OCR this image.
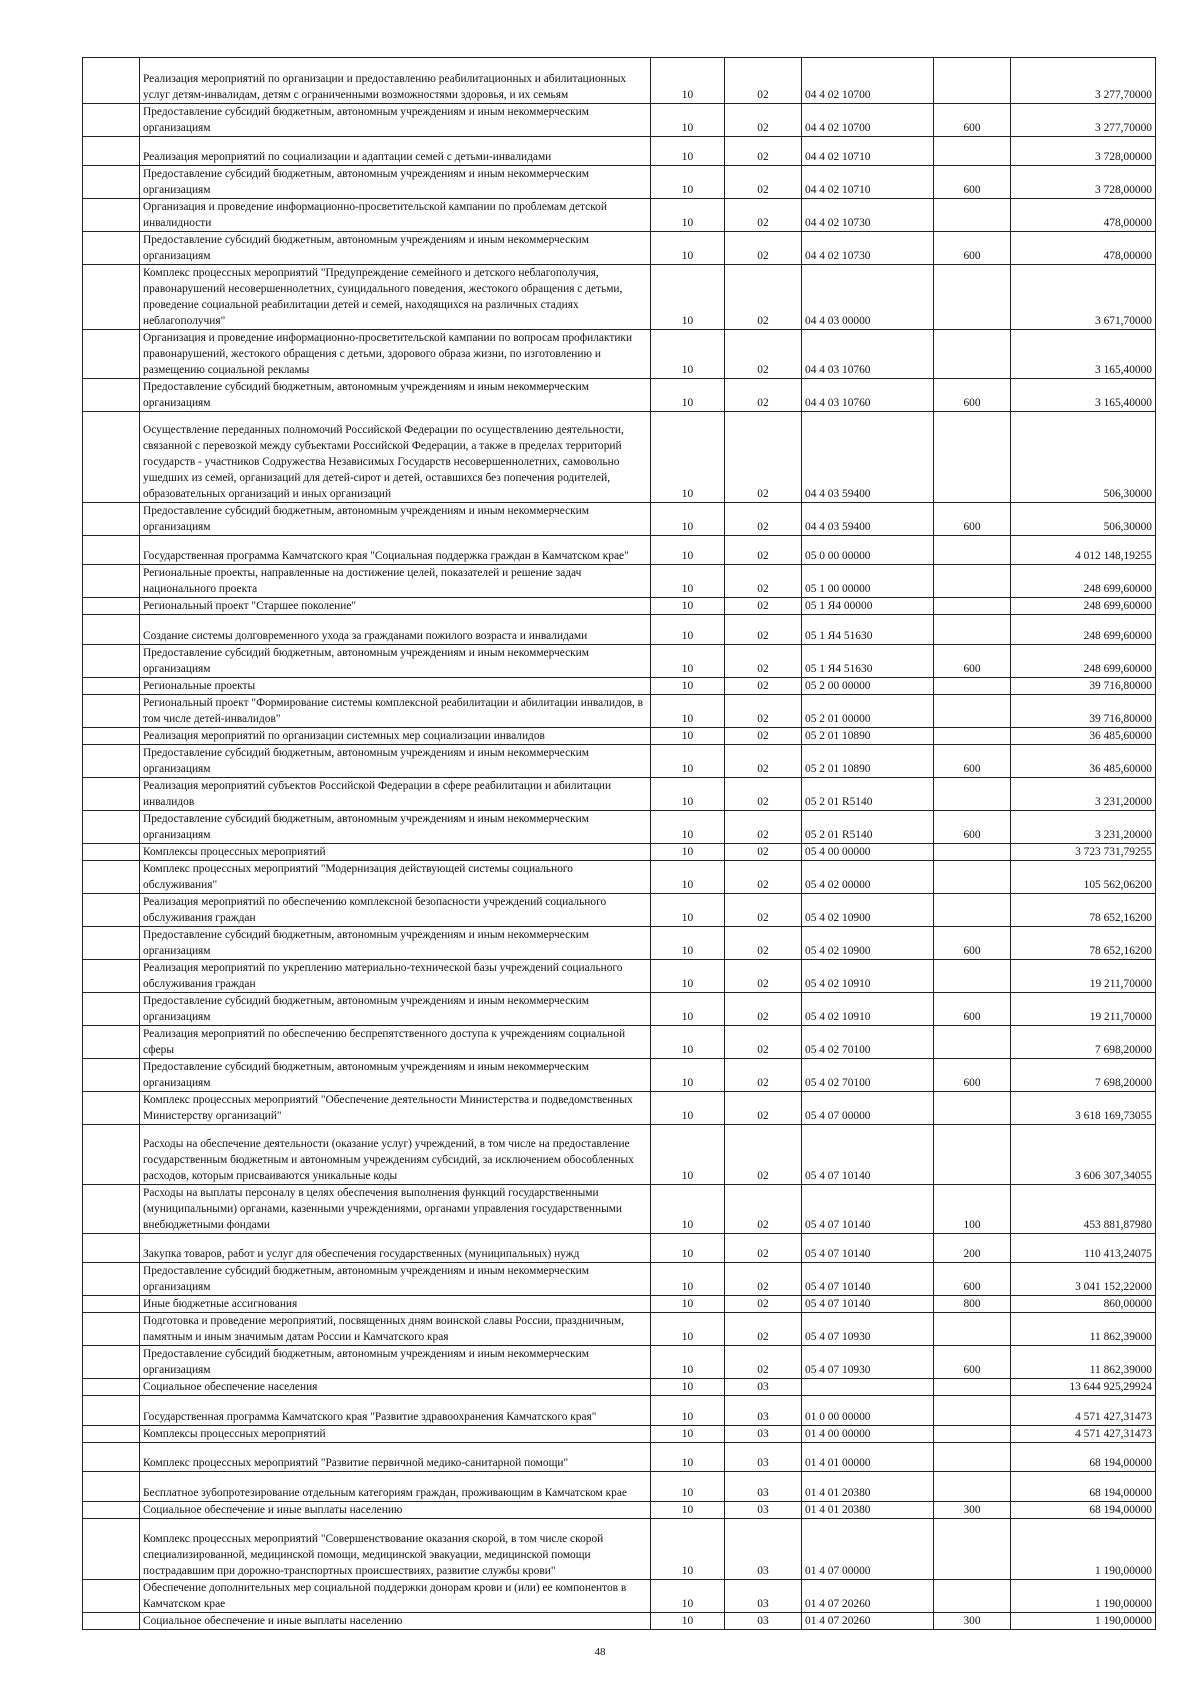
	Реализация мероприятий по организации и предоставлению реабилитационных и абилитационных услуг детям-инвалидам, детям с ограниченными возможностями здоровья, и их семьям	10	02	04 4 02 10700		3 277,70000
	Предоставление субсидий бюджетным, автономным учреждениям и иным некоммерческим организациям	10	02	04 4 02 10700	600	3 277,70000
	Реализация мероприятий по социализации и адаптации семей с детьми-инвалидами	10	02	04 4 02 10710		3 728,00000
	Предоставление субсидий бюджетным, автономным учреждениям и иным некоммерческим организациям	10	02	04 4 02 10710	600	3 728,00000
	Организация и проведение информационно-просветительской кампании по проблемам детской инвалидности	10	02	04 4 02 10730		478,00000
	Предоставление субсидий бюджетным, автономным учреждениям и иным некоммерческим организациям	10	02	04 4 02 10730	600	478,00000
	Комплекс процессных мероприятий "Предупреждение семейного и детского неблагополучия, правонарушений несовершеннолетних, суицидального поведения, жестокого обращения с детьми, проведение социальной реабилитации детей и семей, находящихся на различных стадиях неблагополучия"	10	02	04 4 03 00000		3 671,70000
	Организация и проведение информационно-просветительской кампании по вопросам профилактики правонарушений, жестокого обращения с детьми, здорового образа жизни, по изготовлению и размещению социальной рекламы	10	02	04 4 03 10760		3 165,40000
	Предоставление субсидий бюджетным, автономным учреждениям и иным некоммерческим организациям	10	02	04 4 03 10760	600	3 165,40000
	Осуществление переданных полномочий Российской Федерации по осуществлению деятельности, связанной с перевозкой между субъектами Российской Федерации, а также в пределах территорий государств - участников Содружества Независимых Государств несовершеннолетних, самовольно ушедших из семей, организаций для детей-сирот и детей, оставшихся без попечения родителей, образовательных организаций и иных организаций	10	02	04 4 03 59400		506,30000
	Предоставление субсидий бюджетным, автономным учреждениям и иным некоммерческим организациям	10	02	04 4 03 59400	600	506,30000
	Государственная программа Камчатского края "Социальная поддержка граждан в Камчатском крае"	10	02	05 0 00 00000		4 012 148,19255
	Региональные проекты, направленные на достижение целей, показателей и решение задач национального проекта	10	02	05 1 00 00000		248 699,60000
	Региональный проект "Старшее поколение"	10	02	05 1 Я4 00000		248 699,60000
	Создание системы долговременного ухода за гражданами пожилого возраста и инвалидами	10	02	05 1 Я4 51630		248 699,60000
	Предоставление субсидий бюджетным, автономным учреждениям и иным некоммерческим организациям	10	02	05 1 Я4 51630	600	248 699,60000
	Региональные проекты	10	02	05 2 00 00000		39 716,80000
	Региональный проект "Формирование системы комплексной реабилитации и абилитации инвалидов, в том числе детей-инвалидов"	10	02	05 2 01 00000		39 716,80000
	Реализация мероприятий по организации системных мер социализации инвалидов	10	02	05 2 01 10890		36 485,60000
	Предоставление субсидий бюджетным, автономным учреждениям и иным некоммерческим организациям	10	02	05 2 01 10890	600	36 485,60000
	Реализация мероприятий субъектов Российской Федерации в сфере реабилитации и абилитации инвалидов	10	02	05 2 01 R5140		3 231,20000
	Предоставление субсидий бюджетным, автономным учреждениям и иным некоммерческим организациям	10	02	05 2 01 R5140	600	3 231,20000
	Комплексы процессных мероприятий	10	02	05 4 00 00000		3 723 731,79255
	Комплекс процессных мероприятий "Модернизация действующей системы социального обслуживания"	10	02	05 4 02 00000		105 562,06200
	Реализация мероприятий по обеспечению комплексной безопасности учреждений социального обслуживания граждан	10	02	05 4 02 10900		78 652,16200
	Предоставление субсидий бюджетным, автономным учреждениям и иным некоммерческим организациям	10	02	05 4 02 10900	600	78 652,16200
	Реализация мероприятий по укреплению материально-технической базы учреждений социального обслуживания граждан	10	02	05 4 02 10910		19 211,70000
	Предоставление субсидий бюджетным, автономным учреждениям и иным некоммерческим организациям	10	02	05 4 02 10910	600	19 211,70000
	Реализация мероприятий по обеспечению беспрепятственного доступа к учреждениям социальной сферы	10	02	05 4 02 70100		7 698,20000
	Предоставление субсидий бюджетным, автономным учреждениям и иным некоммерческим организациям	10	02	05 4 02 70100	600	7 698,20000
	Комплекс процессных мероприятий "Обеспечение деятельности Министерства и подведомственных Министерству организаций"	10	02	05 4 07 00000		3 618 169,73055
	Расходы на обеспечение деятельности (оказание услуг) учреждений, в том числе на предоставление государственным бюджетным и автономным учреждениям субсидий, за исключением обособленных расходов, которым присваиваются уникальные коды	10	02	05 4 07 10140		3 606 307,34055
	Расходы на выплаты персоналу в целях обеспечения выполнения функций государственными (муниципальными) органами, казенными учреждениями, органами управления государственными внебюджетными фондами	10	02	05 4 07 10140	100	453 881,87980
	Закупка товаров, работ и услуг для обеспечения государственных (муниципальных) нужд	10	02	05 4 07 10140	200	110 413,24075
	Предоставление субсидий бюджетным, автономным учреждениям и иным некоммерческим организациям	10	02	05 4 07 10140	600	3 041 152,22000
	Иные бюджетные ассигнования	10	02	05 4 07 10140	800	860,00000
	Подготовка и проведение мероприятий, посвященных дням воинской славы России, праздничным, памятным и иным значимым датам России и Камчатского края	10	02	05 4 07 10930		11 862,39000
	Предоставление субсидий бюджетным, автономным учреждениям и иным некоммерческим организациям	10	02	05 4 07 10930	600	11 862,39000
	Социальное обеспечение населения	10	03			13 644 925,29924
	Государственная программа Камчатского края "Развитие здравоохранения Камчатского края"	10	03	01 0 00 00000		4 571 427,31473
	Комплексы процессных мероприятий	10	03	01 4 00 00000		4 571 427,31473
	Комплекс процессных мероприятий "Развитие первичной медико-санитарной помощи"	10	03	01 4 01 00000		68 194,00000
	Бесплатное зубопротезирование отдельным категориям граждан, проживающим в Камчатском крае	10	03	01 4 01 20380		68 194,00000
	Социальное обеспечение и иные выплаты населению	10	03	01 4 01 20380	300	68 194,00000
	Комплекс процессных мероприятий "Совершенствование оказания скорой, в том числе скорой специализированной, медицинской помощи, медицинской эвакуации, медицинской помощи пострадавшим при дорожно-транспортных происшествиях, развитие службы крови"	10	03	01 4 07 00000		1 190,00000
	Обеспечение дополнительных мер социальной поддержки донорам крови и (или) ее компонентов в Камчатском крае	10	03	01 4 07 20260		1 190,00000
	Социальное обеспечение и иные выплаты населению	10	03	01 4 07 20260	300	1 190,00000
48
